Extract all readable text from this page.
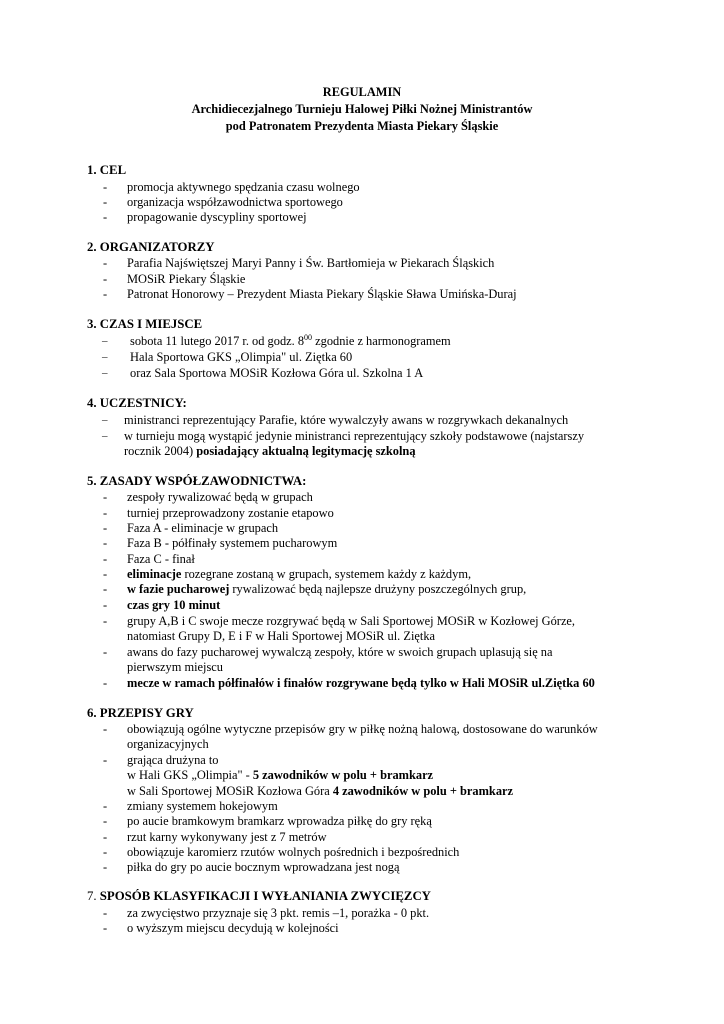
REGULAMIN
Archidiecezjalnego Turnieju Halowej Piłki Nożnej Ministrantów
pod Patronatem Prezydenta Miasta Piekary Śląskie
1. CEL
- promocja aktywnego spędzania czasu wolnego
- organizacja współzawodnictwa sportowego
- propagowanie dyscypliny sportowej
2. ORGANIZATORZY
- Parafia Najświętszej Maryi Panny i Św. Bartłomieja w Piekarach Śląskich
- MOSiR Piekary Śląskie
- Patronat Honorowy – Prezydent Miasta Piekary Śląskie Sława Umińska-Duraj
3. CZAS I MIEJSCE
– sobota 11 lutego 2017 r. od godz. $8^{00}$ zgodnie z harmonogramem
– Hala Sportowa GKS „Olimpia" ul. Ziętka 60
– oraz Sala Sportowa MOSiR Kozłowa Góra ul. Szkolna 1 A
4. UCZESTNICY:
– ministranci reprezentujący Parafie, które wywalczyły awans w rozgrywkach dekanalnych
– w turnieju mogą wystąpić jedynie ministranci reprezentujący szkoły podstawowe (najstarszy
rocznik 2004) posiadający aktualną legitymację szkolną
5. ZASADY WSPÓŁZAWODNICTWA:
- zespoły rywalizować będą w grupach
- turniej przeprowadzony zostanie etapowo
- Faza A - eliminacje w grupach
- Faza B - półfinały systemem pucharowym
- Faza C - finał
- eliminacje rozegrane zostaną w grupach, systemem każdy z każdym,
- w fazie pucharowej rywalizować będą najlepsze drużyny poszczególnych grup,
- czas gry 10 minut
- grupy A,B i C swoje mecze rozgrywać będą w Sali Sportowej MOSiR w Kozłowej Górze,
natomiast Grupy D, E i F w Hali Sportowej MOSiR ul. Ziętka
- awans do fazy pucharowej wywalczą zespoły, które w swoich grupach uplasują się na
pierwszym miejscu
- mecze w ramach półfinałów i finałów rozgrywane będą tylko w Hali MOSiR ul.Ziętka 60
6. PRZEPISY GRY
- obowiązują ogólne wytyczne przepisów gry w piłkę nożną halową, dostosowane do warunków
organizacyjnych
- grająca drużyna to
w Hali GKS „Olimpia" - 5 zawodników w polu + bramkarz
w Sali Sportowej MOSiR Kozłowa Góra 4 zawodników w polu + bramkarz
- zmiany systemem hokejowym
- po aucie bramkowym bramkarz wprowadza piłkę do gry ręką
- rzut karny wykonywany jest z 7 metrów
- obowiązuje karomierz rzutów wolnych pośrednich i bezpośrednich
- piłka do gry po aucie bocznym wprowadzana jest nogą
7. SPOSÓB KLASYFIKACJI I WYŁANIANIA ZWYCIĘZCY
- za zwycięstwo przyznaje się 3 pkt. remis –1, porażka - 0 pkt.
- o wyższym miejscu decydują w kolejności
